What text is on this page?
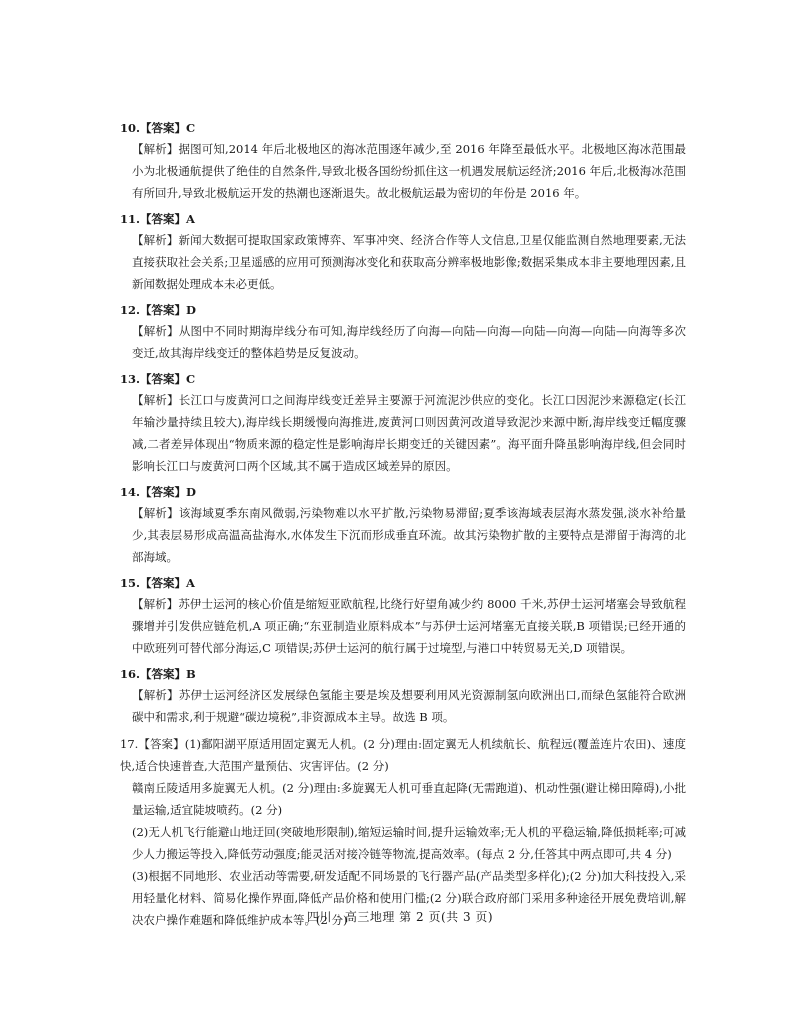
10.【答案】C

【解析】据图可知,2014 年后北极地区的海冰范围逐年减少,至 2016 年降至最低水平。北极地区海冰范围最小为北极通航提供了绝佳的自然条件,导致北极各国纷纷抓住这一机遇发展航运经济;2016 年后,北极海冰范围有所回升,导致北极航运开发的热潮也逐渐退失。故北极航运最为密切的年份是 2016 年。

11.【答案】A

【解析】新闻大数据可提取国家政策博弈、军事冲突、经济合作等人文信息,卫星仅能监测自然地理要素,无法直接获取社会关系;卫星遥感的应用可预测海冰变化和获取高分辨率极地影像;数据采集成本非主要地理因素,且新闻数据处理成本未必更低。

12.【答案】D

【解析】从图中不同时期海岸线分布可知,海岸线经历了向海—向陆—向海—向陆—向海—向陆—向海等多次变迁,故其海岸线变迁的整体趋势是反复波动。

13.【答案】C

【解析】长江口与废黄河口之间海岸线变迁差异主要源于河流泥沙供应的变化。长江口因泥沙来源稳定(长江年输沙量持续且较大),海岸线长期缓慢向海推进,废黄河口则因黄河改道导致泥沙来源中断,海岸线变迁幅度骤减,二者差异体现出“物质来源的稳定性是影响海岸长期变迁的关键因素”。海平面升降虽影响海岸线,但会同时影响长江口与废黄河口两个区域,其不属于造成区域差异的原因。

14.【答案】D

【解析】该海域夏季东南风微弱,污染物难以水平扩散,污染物易滞留;夏季该海域表层海水蒸发强,淡水补给量少,其表层易形成高温高盐海水,水体发生下沉而形成垂直环流。故其污染物扩散的主要特点是滞留于海湾的北部海域。

15.【答案】A

【解析】苏伊士运河的核心价值是缩短亚欧航程,比绕行好望角减少约 8000 千米,苏伊士运河堵塞会导致航程骤增并引发供应链危机,A 项正确;“东亚制造业原料成本”与苏伊士运河堵塞无直接关联,B 项错误;已经开通的中欧班列可替代部分海运,C 项错误;苏伊士运河的航行属于过境型,与港口中转贸易无关,D 项错误。

16.【答案】B

【解析】苏伊士运河经济区发展绿色氢能主要是埃及想要利用风光资源制氢向欧洲出口,而绿色氢能符合欧洲碳中和需求,利于规避“碳边境税”,非资源成本主导。故选 B 项。

17.【答案】(1)鄱阳湖平原适用固定翼无人机。(2 分)理由:固定翼无人机续航长、航程远(覆盖连片农田)、速度快,适合快速普查,大范围产量预估、灾害评估。(2 分)

赣南丘陵适用多旋翼无人机。(2 分)理由:多旋翼无人机可垂直起降(无需跑道)、机动性强(避让梯田障碍),小批量运输,适宜陡坡喷药。(2 分)

(2)无人机飞行能避山地迂回(突破地形限制),缩短运输时间,提升运输效率;无人机的平稳运输,降低损耗率;可减少人力搬运等投入,降低劳动强度;能灵活对接冷链等物流,提高效率。(每点 2 分,任答其中两点即可,共 4 分)

(3)根据不同地形、农业活动等需要,研发适配不同场景的飞行器产品(产品类型多样化);(2 分)加大科技投入,采用轻量化材料、简易化操作界面,降低产品价格和使用门槛;(2 分)联合政府部门采用多种途径开展免费培训,解决农户操作难题和降低维护成本等。(2 分)

四川 · 高三地理 第 2 页(共 3 页)
